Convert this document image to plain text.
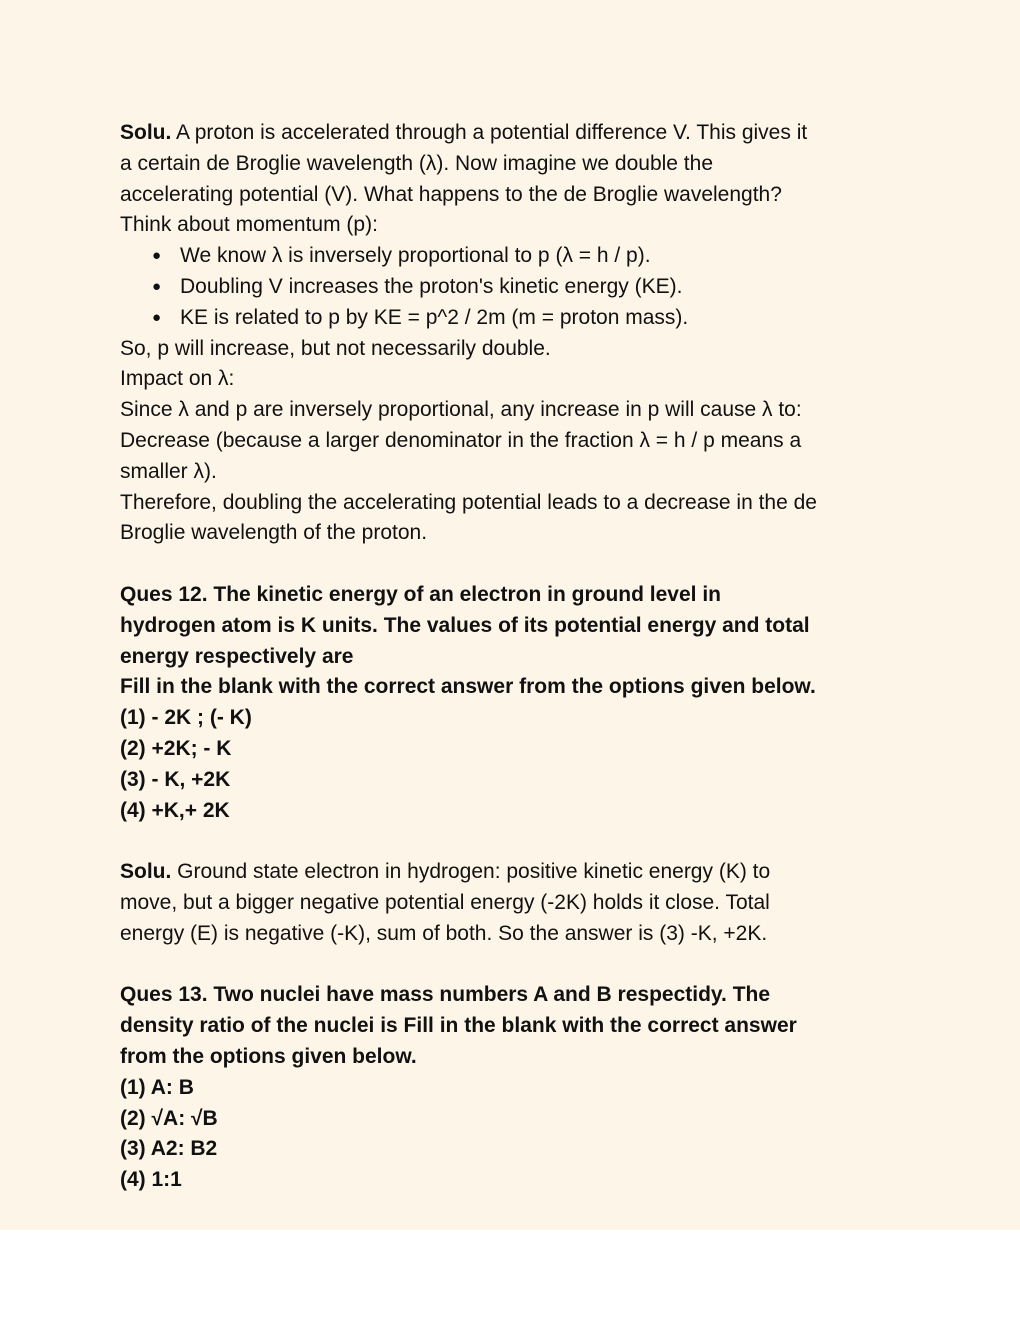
Solu. A proton is accelerated through a potential difference V. This gives it
a certain de Broglie wavelength (λ). Now imagine we double the
accelerating potential (V). What happens to the de Broglie wavelength?
Think about momentum (p):
● We know λ is inversely proportional to p (λ = h / p).
● Doubling V increases the proton's kinetic energy (KE).
● KE is related to p by KE = p^2 / 2m (m = proton mass).
So, p will increase, but not necessarily double.
Impact on λ:
Since λ and p are inversely proportional, any increase in p will cause λ to:
Decrease (because a larger denominator in the fraction λ = h / p means a
smaller λ).
Therefore, doubling the accelerating potential leads to a decrease in the de
Broglie wavelength of the proton.
Ques 12. The kinetic energy of an electron in ground level in
hydrogen atom is K units. The values of its potential energy and total
energy respectively are
Fill in the blank with the correct answer from the options given below.
(1) - 2K ; (- K)
(2) +2K; - K
(3) - K, +2K
(4) +K,+ 2K
Solu. Ground state electron in hydrogen: positive kinetic energy (K) to
move, but a bigger negative potential energy (-2K) holds it close. Total
energy (E) is negative (-K), sum of both. So the answer is (3) -K, +2K.
Ques 13. Two nuclei have mass numbers A and B respectidy. The
density ratio of the nuclei is Fill in the blank with the correct answer
from the options given below.
(1) A: B
(2) √A: √B
(3) A2: B2
(4) 1:1
